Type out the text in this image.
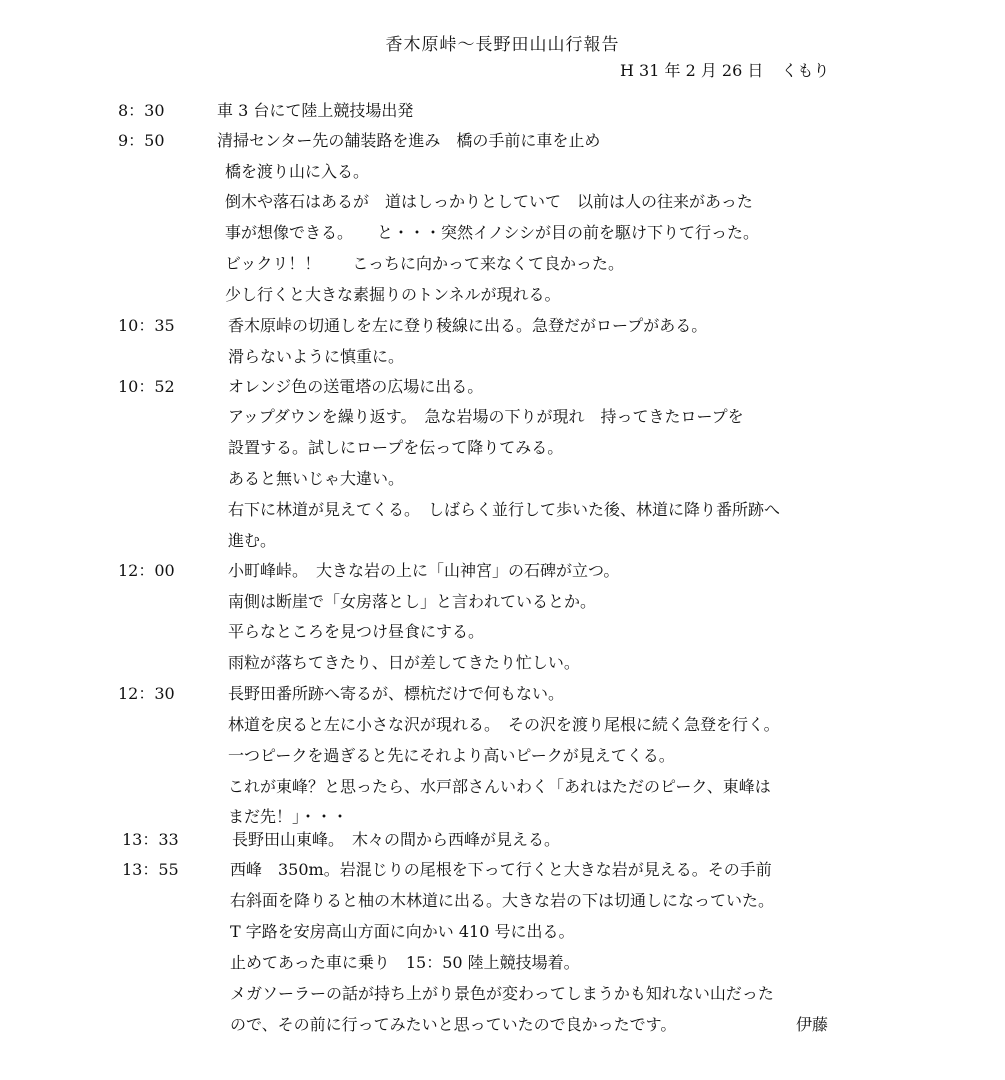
香木原峠〜長野田山山行報告
H 31 年 2 月 26 日 くもり
8：30	車 3 台にて陸上競技場出発
9：50	清掃センター先の舗装路を進み　橋の手前に車を止め
橋を渡り山に入る。
倒木や落石はあるが　道はしっかりとしていて　以前は人の往来があった
事が想像できる。　　と・・・突然イノシシが目の前を駆け下りて行った。
ビックリ！！　　こっちに向かって来なくて良かった。
少し行くと大きな素掘りのトンネルが現れる。
10：35	香木原峠の切通しを左に登り稜線に出る。急登だがロープがある。
滑らないように慎重に。
10：52	オレンジ色の送電塔の広場に出る。
アップダウンを繰り返す。　急な岩場の下りが現れ　持ってきたロープを
設置する。試しにロープを伝って降りてみる。
あると無いじゃ大違い。
右下に林道が見えてくる。　しばらく並行して歩いた後、林道に降り番所跡へ
進む。
12：00	小町峰峠。　大きな岩の上に「山神宮」の石碑が立つ。
南側は断崖で「女房落とし」と言われているとか。
平らなところを見つけ昼食にする。
雨粒が落ちてきたり、日が差してきたり忙しい。
12：30	長野田番所跡へ寄るが、標杭だけで何もない。
林道を戻ると左に小さな沢が現れる。　その沢を渡り尾根に続く急登を行く。
一つピークを過ぎると先にそれより高いピークが見えてくる。
これが東峰？と思ったら、水戸部さんいわく「あれはただのピーク、東峰は
まだ先！」・・・
13：33	長野田山東峰。　木々の間から西峰が見える。
13：55	西峰　350m。岩混じりの尾根を下って行くと大きな岩が見える。その手前
右斜面を降りると柚の木林道に出る。大きな岩の下は切通しになっていた。
T 字路を安房高山方面に向かい 410 号に出る。
止めてあった車に乗り　15：50 陸上競技場着。
メガソーラーの話が持ち上がり景色が変わってしまうかも知れない山だった
ので、その前に行ってみたいと思っていたので良かったです。	伊藤
